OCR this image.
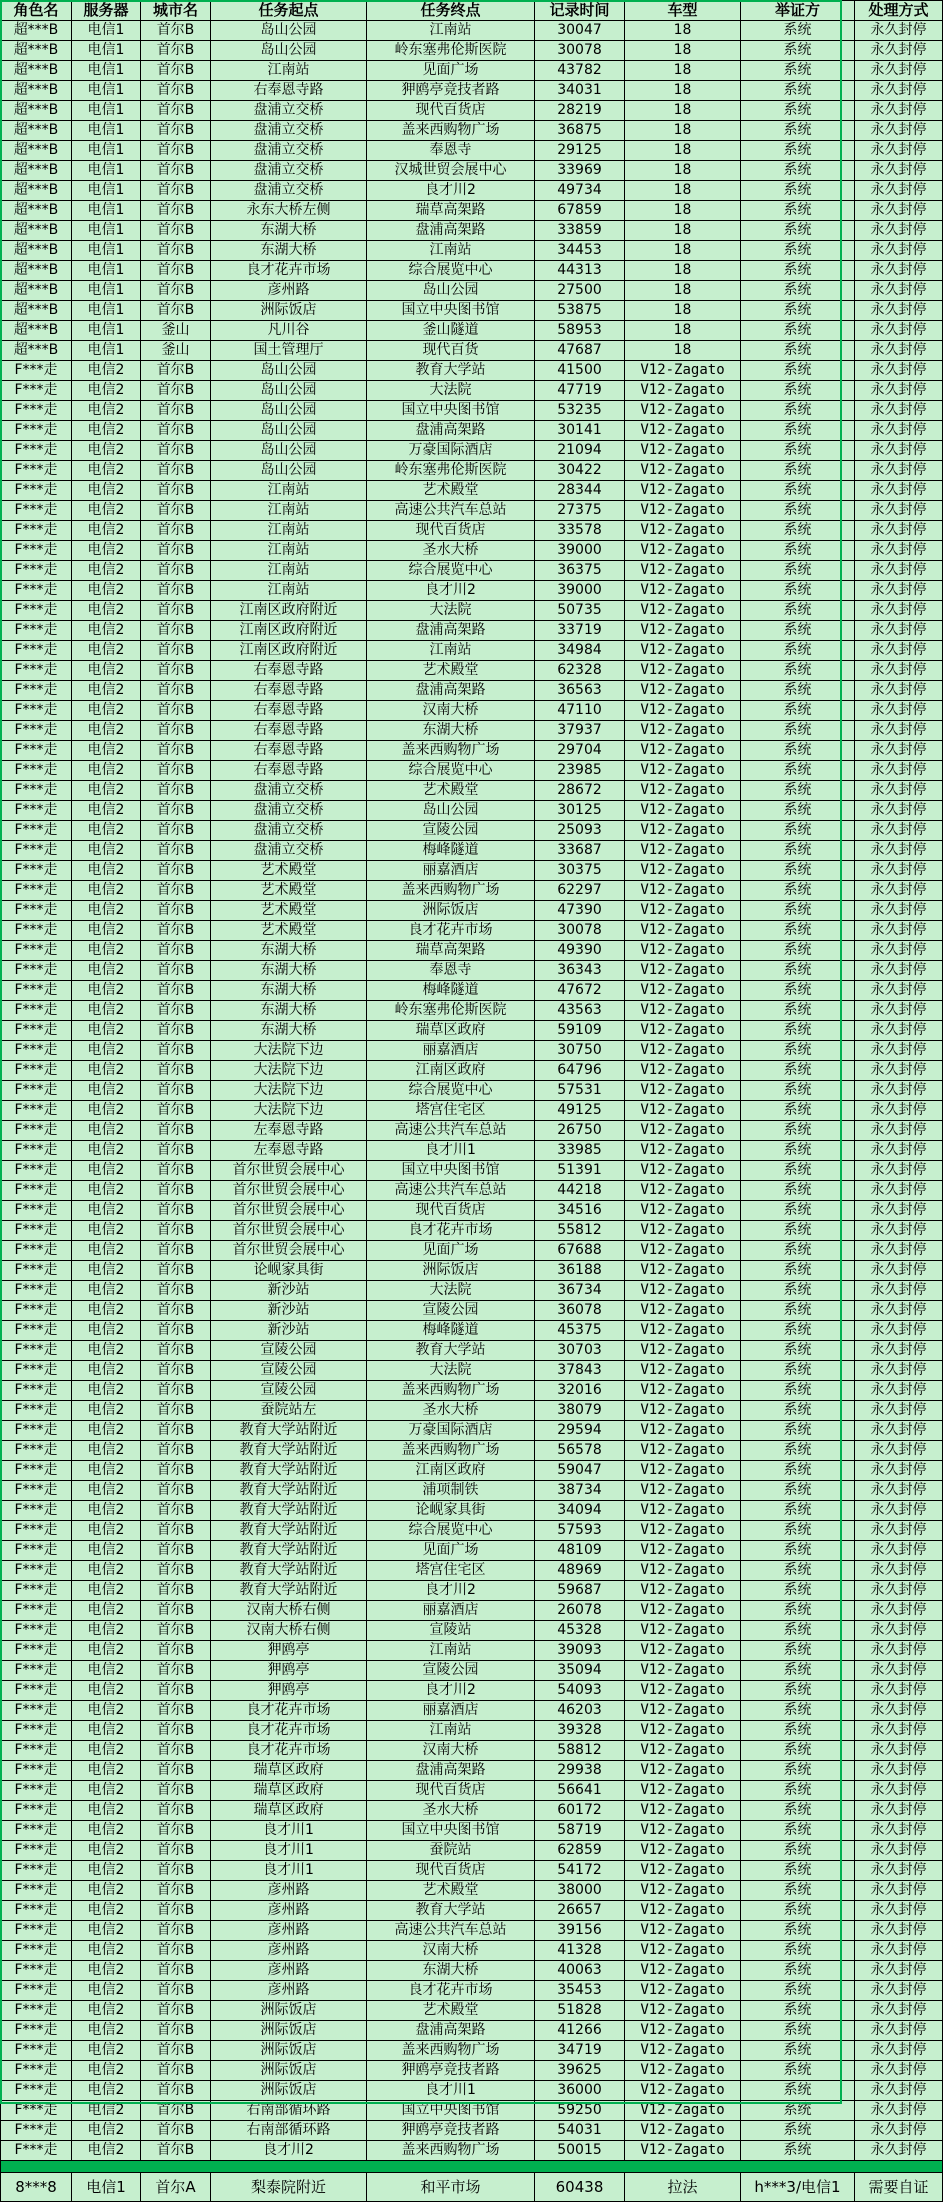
角色名	服务器	城市名	任务起点	任务终点	记录时间	车型	举证方	处理方式
超***B	电信1	首尔B	岛山公园	江南站	30047	18	系统	永久封停
超***B	电信1	首尔B	岛山公园	岭东塞弗伦斯医院	30078	18	系统	永久封停
超***B	电信1	首尔B	江南站	见面广场	43782	18	系统	永久封停
超***B	电信1	首尔B	右奉恩寺路	狎鸥亭竞技者路	34031	18	系统	永久封停
超***B	电信1	首尔B	盘浦立交桥	现代百货店	28219	18	系统	永久封停
超***B	电信1	首尔B	盘浦立交桥	盖来西购物广场	36875	18	系统	永久封停
超***B	电信1	首尔B	盘浦立交桥	奉恩寺	29125	18	系统	永久封停
超***B	电信1	首尔B	盘浦立交桥	汉城世贸会展中心	33969	18	系统	永久封停
超***B	电信1	首尔B	盘浦立交桥	良才川2	49734	18	系统	永久封停
超***B	电信1	首尔B	永东大桥左侧	瑞草高架路	67859	18	系统	永久封停
超***B	电信1	首尔B	东湖大桥	盘浦高架路	33859	18	系统	永久封停
超***B	电信1	首尔B	东湖大桥	江南站	34453	18	系统	永久封停
超***B	电信1	首尔B	良才花卉市场	综合展览中心	44313	18	系统	永久封停
超***B	电信1	首尔B	彦州路	岛山公园	27500	18	系统	永久封停
超***B	电信1	首尔B	洲际饭店	国立中央图书馆	53875	18	系统	永久封停
超***B	电信1	釜山	凡川谷	釜山隧道	58953	18	系统	永久封停
超***B	电信1	釜山	国土管理厅	现代百货	47687	18	系统	永久封停
F***走	电信2	首尔B	岛山公园	教育大学站	41500	V12-Zagato	系统	永久封停
F***走	电信2	首尔B	岛山公园	大法院	47719	V12-Zagato	系统	永久封停
F***走	电信2	首尔B	岛山公园	国立中央图书馆	53235	V12-Zagato	系统	永久封停
F***走	电信2	首尔B	岛山公园	盘浦高架路	30141	V12-Zagato	系统	永久封停
F***走	电信2	首尔B	岛山公园	万豪国际酒店	21094	V12-Zagato	系统	永久封停
F***走	电信2	首尔B	岛山公园	岭东塞弗伦斯医院	30422	V12-Zagato	系统	永久封停
F***走	电信2	首尔B	江南站	艺术殿堂	28344	V12-Zagato	系统	永久封停
F***走	电信2	首尔B	江南站	高速公共汽车总站	27375	V12-Zagato	系统	永久封停
F***走	电信2	首尔B	江南站	现代百货店	33578	V12-Zagato	系统	永久封停
F***走	电信2	首尔B	江南站	圣水大桥	39000	V12-Zagato	系统	永久封停
F***走	电信2	首尔B	江南站	综合展览中心	36375	V12-Zagato	系统	永久封停
F***走	电信2	首尔B	江南站	良才川2	39000	V12-Zagato	系统	永久封停
F***走	电信2	首尔B	江南区政府附近	大法院	50735	V12-Zagato	系统	永久封停
F***走	电信2	首尔B	江南区政府附近	盘浦高架路	33719	V12-Zagato	系统	永久封停
F***走	电信2	首尔B	江南区政府附近	江南站	34984	V12-Zagato	系统	永久封停
F***走	电信2	首尔B	右奉恩寺路	艺术殿堂	62328	V12-Zagato	系统	永久封停
F***走	电信2	首尔B	右奉恩寺路	盘浦高架路	36563	V12-Zagato	系统	永久封停
F***走	电信2	首尔B	右奉恩寺路	汉南大桥	47110	V12-Zagato	系统	永久封停
F***走	电信2	首尔B	右奉恩寺路	东湖大桥	37937	V12-Zagato	系统	永久封停
F***走	电信2	首尔B	右奉恩寺路	盖来西购物广场	29704	V12-Zagato	系统	永久封停
F***走	电信2	首尔B	右奉恩寺路	综合展览中心	23985	V12-Zagato	系统	永久封停
F***走	电信2	首尔B	盘浦立交桥	艺术殿堂	28672	V12-Zagato	系统	永久封停
F***走	电信2	首尔B	盘浦立交桥	岛山公园	30125	V12-Zagato	系统	永久封停
F***走	电信2	首尔B	盘浦立交桥	宣陵公园	25093	V12-Zagato	系统	永久封停
F***走	电信2	首尔B	盘浦立交桥	梅峰隧道	33687	V12-Zagato	系统	永久封停
F***走	电信2	首尔B	艺术殿堂	丽嘉酒店	30375	V12-Zagato	系统	永久封停
F***走	电信2	首尔B	艺术殿堂	盖来西购物广场	62297	V12-Zagato	系统	永久封停
F***走	电信2	首尔B	艺术殿堂	洲际饭店	47390	V12-Zagato	系统	永久封停
F***走	电信2	首尔B	艺术殿堂	良才花卉市场	30078	V12-Zagato	系统	永久封停
F***走	电信2	首尔B	东湖大桥	瑞草高架路	49390	V12-Zagato	系统	永久封停
F***走	电信2	首尔B	东湖大桥	奉恩寺	36343	V12-Zagato	系统	永久封停
F***走	电信2	首尔B	东湖大桥	梅峰隧道	47672	V12-Zagato	系统	永久封停
F***走	电信2	首尔B	东湖大桥	岭东塞弗伦斯医院	43563	V12-Zagato	系统	永久封停
F***走	电信2	首尔B	东湖大桥	瑞草区政府	59109	V12-Zagato	系统	永久封停
F***走	电信2	首尔B	大法院下边	丽嘉酒店	30750	V12-Zagato	系统	永久封停
F***走	电信2	首尔B	大法院下边	江南区政府	64796	V12-Zagato	系统	永久封停
F***走	电信2	首尔B	大法院下边	综合展览中心	57531	V12-Zagato	系统	永久封停
F***走	电信2	首尔B	大法院下边	塔宫住宅区	49125	V12-Zagato	系统	永久封停
F***走	电信2	首尔B	左奉恩寺路	高速公共汽车总站	26750	V12-Zagato	系统	永久封停
F***走	电信2	首尔B	左奉恩寺路	良才川1	33985	V12-Zagato	系统	永久封停
F***走	电信2	首尔B	首尔世贸会展中心	国立中央图书馆	51391	V12-Zagato	系统	永久封停
F***走	电信2	首尔B	首尔世贸会展中心	高速公共汽车总站	44218	V12-Zagato	系统	永久封停
F***走	电信2	首尔B	首尔世贸会展中心	现代百货店	34516	V12-Zagato	系统	永久封停
F***走	电信2	首尔B	首尔世贸会展中心	良才花卉市场	55812	V12-Zagato	系统	永久封停
F***走	电信2	首尔B	首尔世贸会展中心	见面广场	67688	V12-Zagato	系统	永久封停
F***走	电信2	首尔B	论岘家具街	洲际饭店	36188	V12-Zagato	系统	永久封停
F***走	电信2	首尔B	新沙站	大法院	36734	V12-Zagato	系统	永久封停
F***走	电信2	首尔B	新沙站	宣陵公园	36078	V12-Zagato	系统	永久封停
F***走	电信2	首尔B	新沙站	梅峰隧道	45375	V12-Zagato	系统	永久封停
F***走	电信2	首尔B	宣陵公园	教育大学站	30703	V12-Zagato	系统	永久封停
F***走	电信2	首尔B	宣陵公园	大法院	37843	V12-Zagato	系统	永久封停
F***走	电信2	首尔B	宣陵公园	盖来西购物广场	32016	V12-Zagato	系统	永久封停
F***走	电信2	首尔B	蚕院站左	圣水大桥	38079	V12-Zagato	系统	永久封停
F***走	电信2	首尔B	教育大学站附近	万豪国际酒店	29594	V12-Zagato	系统	永久封停
F***走	电信2	首尔B	教育大学站附近	盖来西购物广场	56578	V12-Zagato	系统	永久封停
F***走	电信2	首尔B	教育大学站附近	江南区政府	59047	V12-Zagato	系统	永久封停
F***走	电信2	首尔B	教育大学站附近	浦项制铁	38734	V12-Zagato	系统	永久封停
F***走	电信2	首尔B	教育大学站附近	论岘家具街	34094	V12-Zagato	系统	永久封停
F***走	电信2	首尔B	教育大学站附近	综合展览中心	57593	V12-Zagato	系统	永久封停
F***走	电信2	首尔B	教育大学站附近	见面广场	48109	V12-Zagato	系统	永久封停
F***走	电信2	首尔B	教育大学站附近	塔宫住宅区	48969	V12-Zagato	系统	永久封停
F***走	电信2	首尔B	教育大学站附近	良才川2	59687	V12-Zagato	系统	永久封停
F***走	电信2	首尔B	汉南大桥右侧	丽嘉酒店	26078	V12-Zagato	系统	永久封停
F***走	电信2	首尔B	汉南大桥右侧	宣陵站	45328	V12-Zagato	系统	永久封停
F***走	电信2	首尔B	狎鸥亭	江南站	39093	V12-Zagato	系统	永久封停
F***走	电信2	首尔B	狎鸥亭	宣陵公园	35094	V12-Zagato	系统	永久封停
F***走	电信2	首尔B	狎鸥亭	良才川2	54093	V12-Zagato	系统	永久封停
F***走	电信2	首尔B	良才花卉市场	丽嘉酒店	46203	V12-Zagato	系统	永久封停
F***走	电信2	首尔B	良才花卉市场	江南站	39328	V12-Zagato	系统	永久封停
F***走	电信2	首尔B	良才花卉市场	汉南大桥	58812	V12-Zagato	系统	永久封停
F***走	电信2	首尔B	瑞草区政府	盘浦高架路	29938	V12-Zagato	系统	永久封停
F***走	电信2	首尔B	瑞草区政府	现代百货店	56641	V12-Zagato	系统	永久封停
F***走	电信2	首尔B	瑞草区政府	圣水大桥	60172	V12-Zagato	系统	永久封停
F***走	电信2	首尔B	良才川1	国立中央图书馆	58719	V12-Zagato	系统	永久封停
F***走	电信2	首尔B	良才川1	蚕院站	62859	V12-Zagato	系统	永久封停
F***走	电信2	首尔B	良才川1	现代百货店	54172	V12-Zagato	系统	永久封停
F***走	电信2	首尔B	彦州路	艺术殿堂	38000	V12-Zagato	系统	永久封停
F***走	电信2	首尔B	彦州路	教育大学站	26657	V12-Zagato	系统	永久封停
F***走	电信2	首尔B	彦州路	高速公共汽车总站	39156	V12-Zagato	系统	永久封停
F***走	电信2	首尔B	彦州路	汉南大桥	41328	V12-Zagato	系统	永久封停
F***走	电信2	首尔B	彦州路	东湖大桥	40063	V12-Zagato	系统	永久封停
F***走	电信2	首尔B	彦州路	良才花卉市场	35453	V12-Zagato	系统	永久封停
F***走	电信2	首尔B	洲际饭店	艺术殿堂	51828	V12-Zagato	系统	永久封停
F***走	电信2	首尔B	洲际饭店	盘浦高架路	41266	V12-Zagato	系统	永久封停
F***走	电信2	首尔B	洲际饭店	盖来西购物广场	34719	V12-Zagato	系统	永久封停
F***走	电信2	首尔B	洲际饭店	狎鸥亭竞技者路	39625	V12-Zagato	系统	永久封停
F***走	电信2	首尔B	洲际饭店	良才川1	36000	V12-Zagato	系统	永久封停
F***走	电信2	首尔B	右南部循环路	国立中央图书馆	59250	V12-Zagato	系统	永久封停
F***走	电信2	首尔B	右南部循环路	狎鸥亭竞技者路	54031	V12-Zagato	系统	永久封停
F***走	电信2	首尔B	良才川2	盖来西购物广场	50015	V12-Zagato	系统	永久封停

8***8	电信1	首尔A	梨泰院附近	和平市场	60438	拉法	h***3/电信1	需要自证
